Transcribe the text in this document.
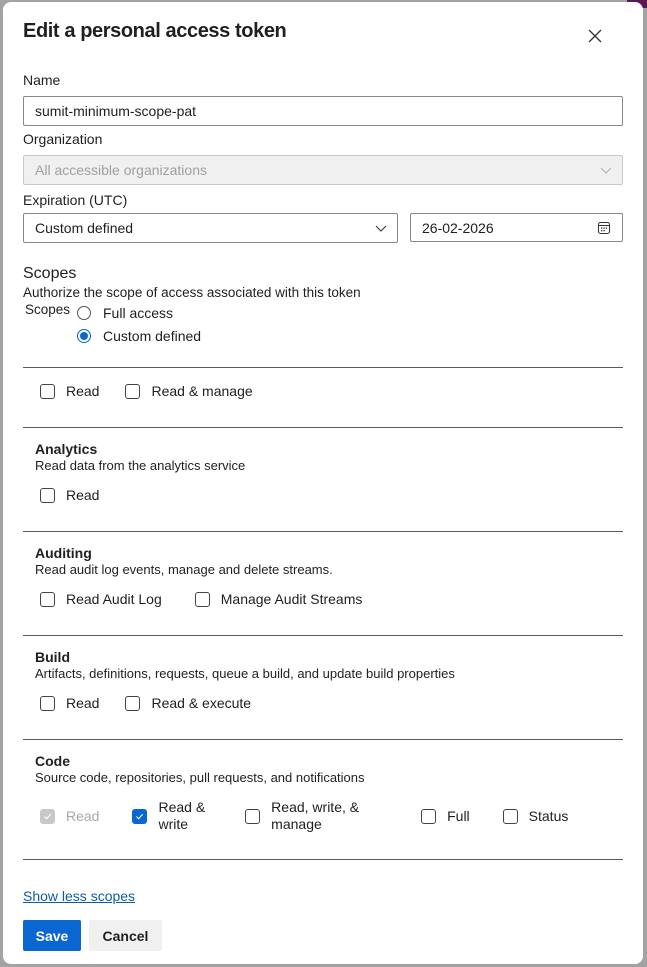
Edit a personal access token
Name
sumit-minimum-scope-pat
Organization
All accessible organizations
Expiration (UTC)
Custom defined	26-02-2026
Scopes
Authorize the scope of access associated with this token
Scopes Full access
Custom defined
Read	Read & manage
Analytics
Read data from the analytics service
Read
Auditing
Read audit log events, manage and delete streams.
Read Audit Log	Manage Audit Streams
Build
Artifacts, definitions, requests, queue a build, and update build properties
Read	Read & execute
Code
Source code, repositories, pull requests, and notifications
Read
Read &
write
Read, write, &
manage
Full	Status
Show less scopes
Save	Cancel
